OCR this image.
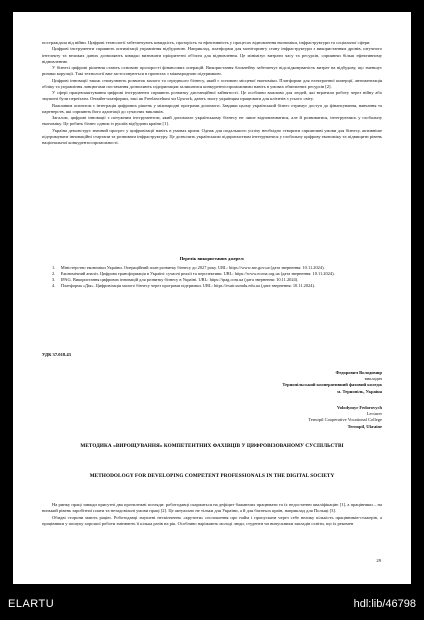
постраждала від війни. Цифрові технології забезпечують швидкість, прозорість та ефективність у процесах відновлення економіки, інфраструктури та соціальної сфери.

Цифрові інструменти сприяють оптимізації управління відбудовою. Наприклад, платформи для моніторингу стану інфраструктури з використанням дронів, штучного інтелекту та великих даних дозволяють швидко визначати пріоритетні об'єкти для відновлення. Це мінімізує витрати часу та ресурсів, сприяючи більш ефективному відновленню.

У бізнесі цифрові рішення стають основою прозорості фінансових операцій. Використання блокчейну забезпечує відслідковуваність витрат на відбудову, що зменшує ризики корупції. Такі технології вже застосовуються в проектах з міжнародною підтримкою.

Цифрові інновації також стимулюють розвиток малого та середнього бізнесу, який є основою місцевої економіки. Платформи для електронної комерції, автоматизація обліку та управління ланцюгами постачання дозволяють підприємцям залишатися конкурентоспроможними навіть в умовах обмежених ресурсів [2].

У сфері працевлаштування цифрові інструменти сприяють розвитку дистанційної зайнятості. Це особливо важливо для людей, які втратили роботу через війну або змушені були переїхати. Онлайн-платформи, такі як Freelancehunt чи Upwork, дають змогу українцям працювати для клієнтів з усього світу.

Важливим аспектом є інтеграція цифрових рішень у міжнародні програми допомоги. Завдяки цьому український бізнес отримує доступ до фінансування, навчання та партнерств, які сприяють його адаптації до сучасних викликів.

Загалом, цифрові інновації є потужним інструментом, який допомагає українському бізнесу не лише відновлюватися, але й розвиватися, інтегруючись у глобальну економіку. Це робить бізнес одним із рушіїв відбудови країни [1].

Україна демонструє значний прогрес у цифровізації навіть в умовах кризи. Однак для подальшого успіху необхідно створити сприятливі умови для бізнесу, активніше підтримувати інноваційні стартапи та розвивати інфраструктуру. Це дозволить українським підприємствам інтегруватися у глобальну цифрову економіку та підвищити рівень національної конкурентоспроможності.

Перелік використаних джерел:
1.     Міністерство економіки України. Операційний план розвитку бізнесу до 2027 року. URL: https://www.me.gov.ua (дата звернення: 10.11.2024).
2.     Економічний аналіз. Цифрова трансформація в Україні: сучасні реалії та перспективи. URL: https://www.econa.org.ua (дата звернення: 10.11.2024).
3.     IPAG. Використання цифрових інновацій для розвитку бізнесу в Україні. URL: https://ipag.com.ua (дата звернення: 10.11.2024).
4.     Платформа «Дія». Цифровізація малого бізнесу через програми підтримки. URL: https://esuir.sumdu.edu.ua (дата звернення: 10.11.2024).
УДК 37.018.43
Федорович Володимир
викладач
Тернопільський кооперативний фаховий коледж
м. Тернопіль, Україна
Volodymyr Fedorovych
Lecturer
Ternopil Cooperative Vocational College
Ternopil, Ukraine
МЕТОДИКА «ВИРОЩУВАННЯ» КОМПЕТЕНТНИХ ФАХІВЦІВ У ЦИФРОВІЗОВАНОМУ СУСПІЛЬСТВІ
METHODOLOGY FOR DEVELOPING COMPETENT PROFESSIONALS IN THE DIGITAL SOCIETY

На ринку праці завжди присутні два протилежні погляди: роботодавці скаржаться на дефіцит бажаючих працювати та їх недостатню кваліфікацію [1], а працівники – на низький рівень заробітної плати та незадовільні умови праці [2]. Це актуально не тільки для України, а й для багатьох країн, наприклад для Польщі [3].

Обидві сторони мають рацію. Роботодавці змушені нескінченно «крутити» оголошення про найм і пропускати через себе велику кількість працівників-стажерів, а працівники у пошуку хорошої роботи змінюють її кілька разів на рік. Особливо наріжають молоді люди, студенти чи випускники закладів освіти, що їх рекомен

29
ELARTU	hdl:lib/46798
